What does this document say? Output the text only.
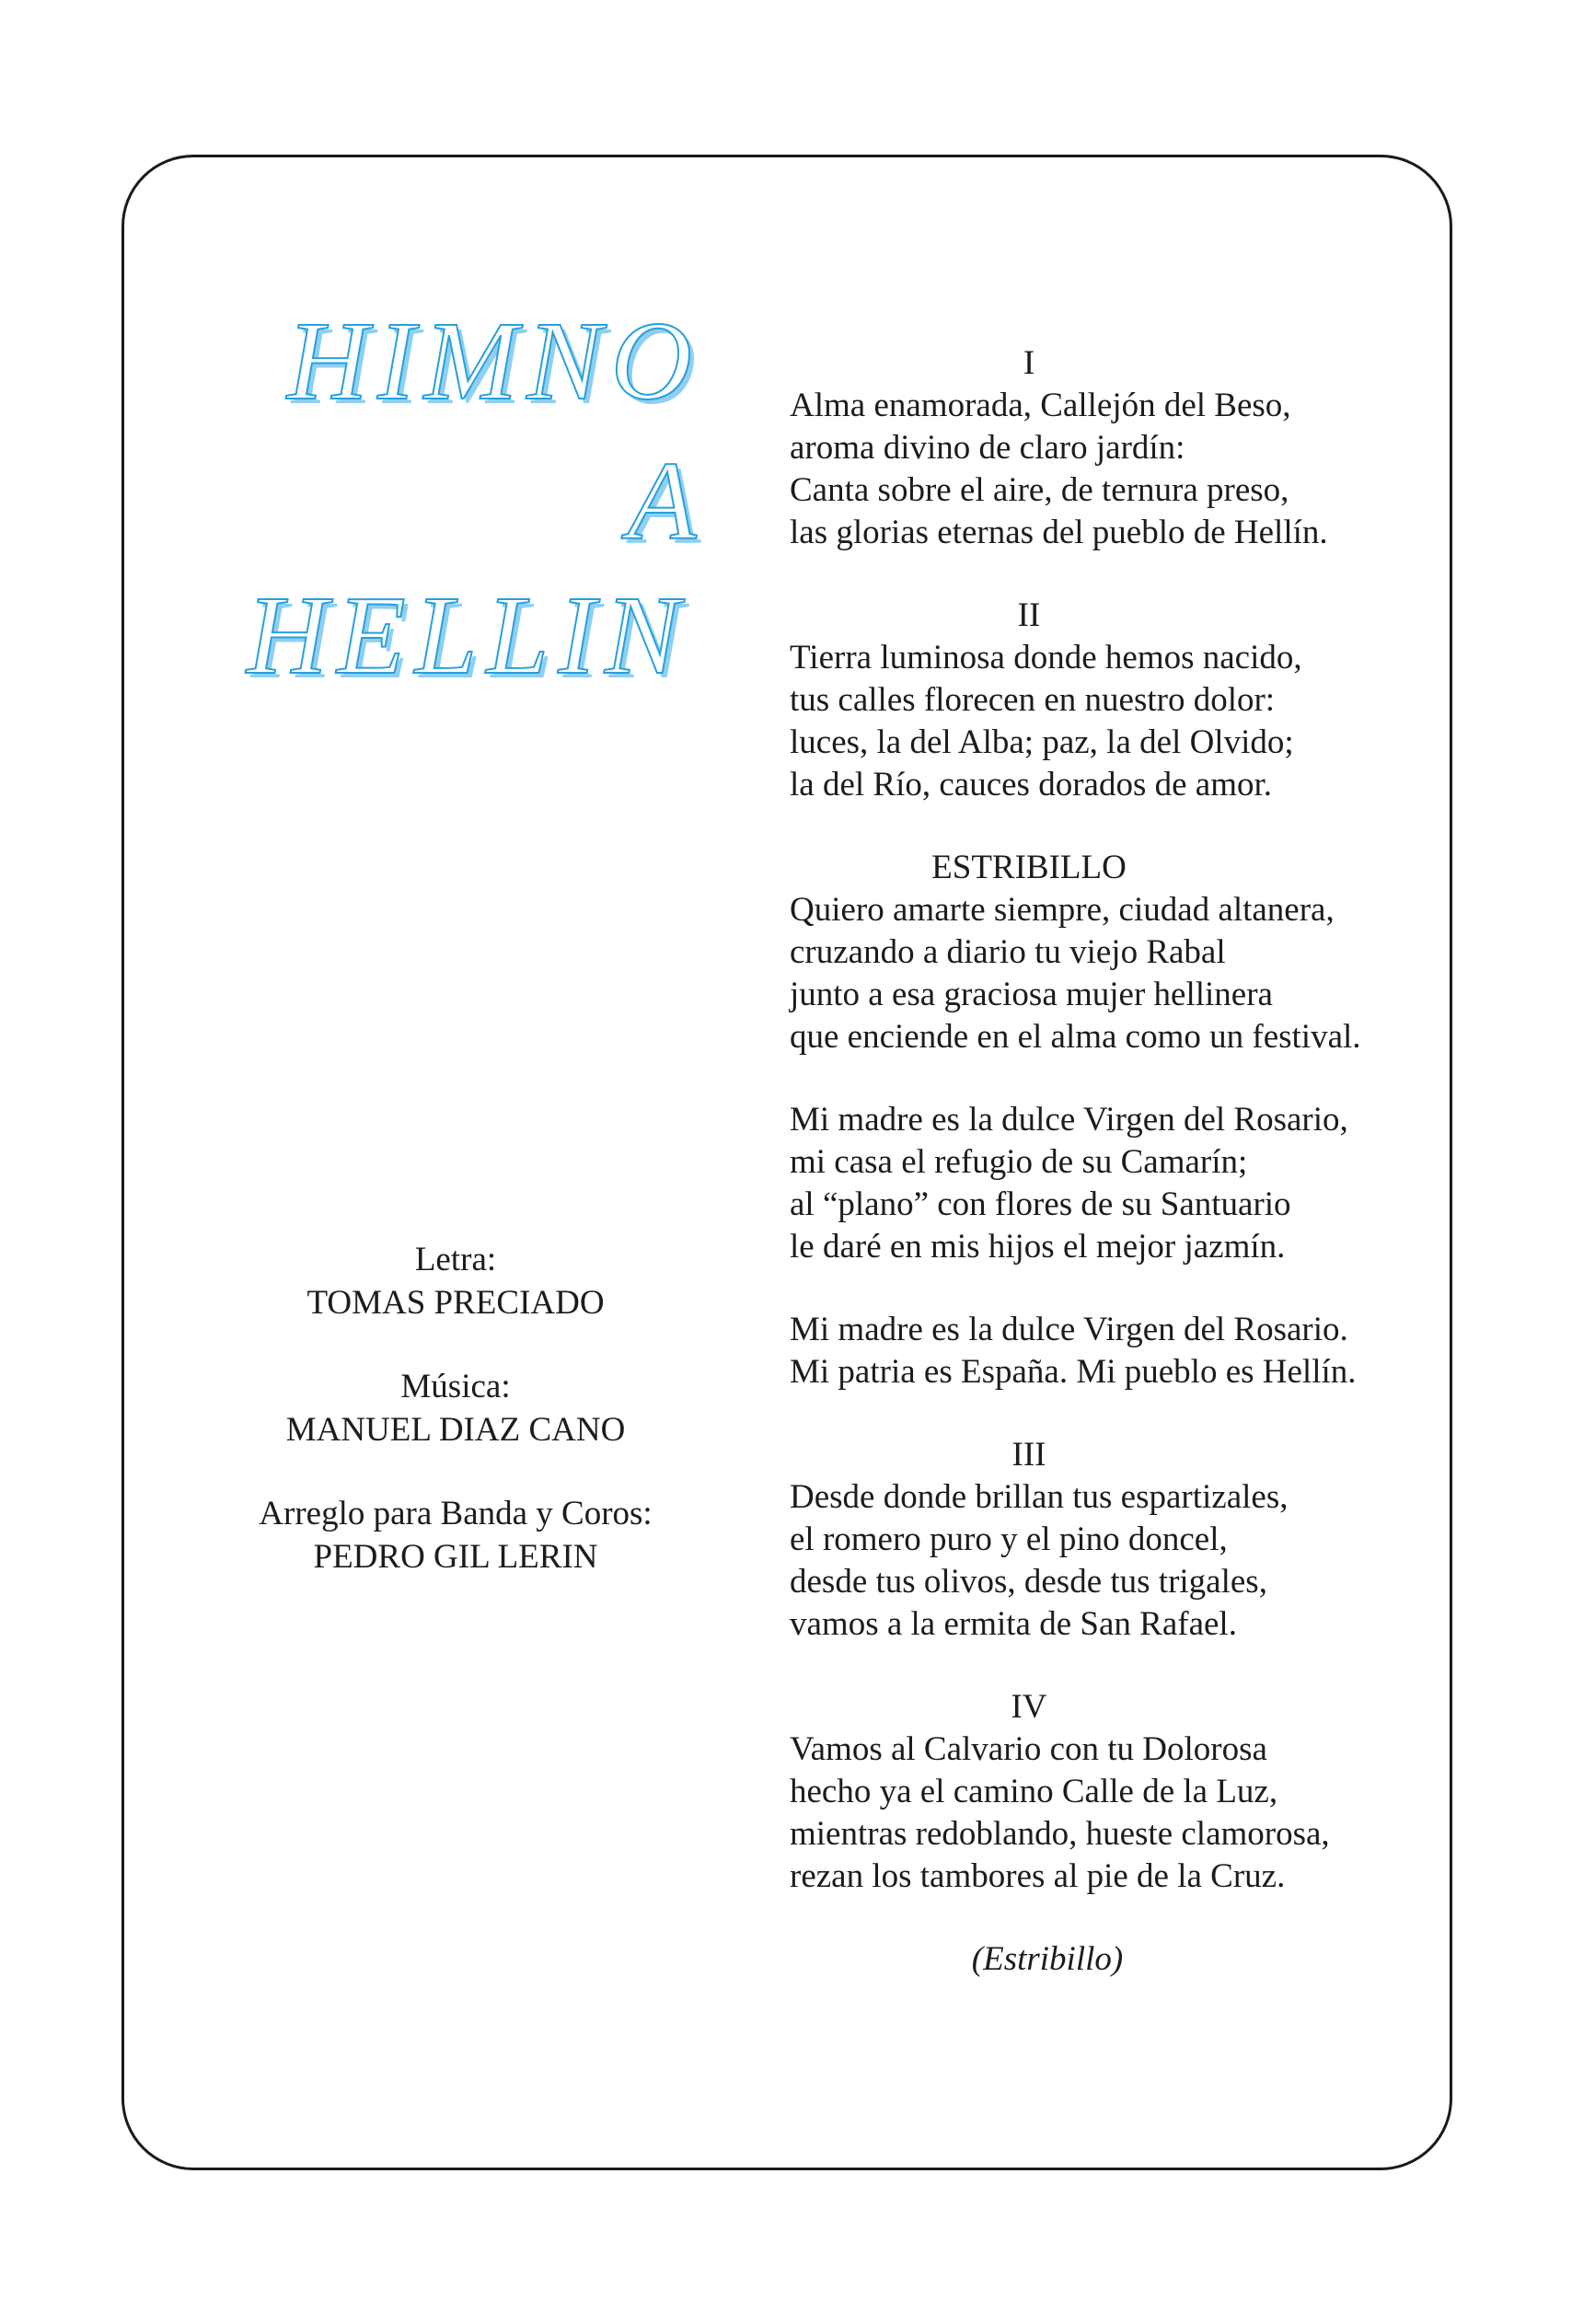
HIMNO
A
HELLIN
Letra:
TOMAS PRECIADO
Música:
MANUEL DIAZ CANO
Arreglo para Banda y Coros:
PEDRO GIL LERIN
I
Alma enamorada, Callejón del Beso,
aroma divino de claro jardín:
Canta sobre el aire, de ternura preso,
las glorias eternas del pueblo de Hellín.
II
Tierra luminosa donde hemos nacido,
tus calles florecen en nuestro dolor:
luces, la del Alba; paz, la del Olvido;
la del Río, cauces dorados de amor.
ESTRIBILLO
Quiero amarte siempre, ciudad altanera,
cruzando a diario tu viejo Rabal
junto a esa graciosa mujer hellinera
que enciende en el alma como un festival.
Mi madre es la dulce Virgen del Rosario,
mi casa el refugio de su Camarín;
al “plano” con flores de su Santuario
le daré en mis hijos el mejor jazmín.
Mi madre es la dulce Virgen del Rosario.
Mi patria es España. Mi pueblo es Hellín.
III
Desde donde brillan tus espartizales,
el romero puro y el pino doncel,
desde tus olivos, desde tus trigales,
vamos a la ermita de San Rafael.
IV
Vamos al Calvario con tu Dolorosa
hecho ya el camino Calle de la Luz,
mientras redoblando, hueste clamorosa,
rezan los tambores al pie de la Cruz.
(Estribillo)
